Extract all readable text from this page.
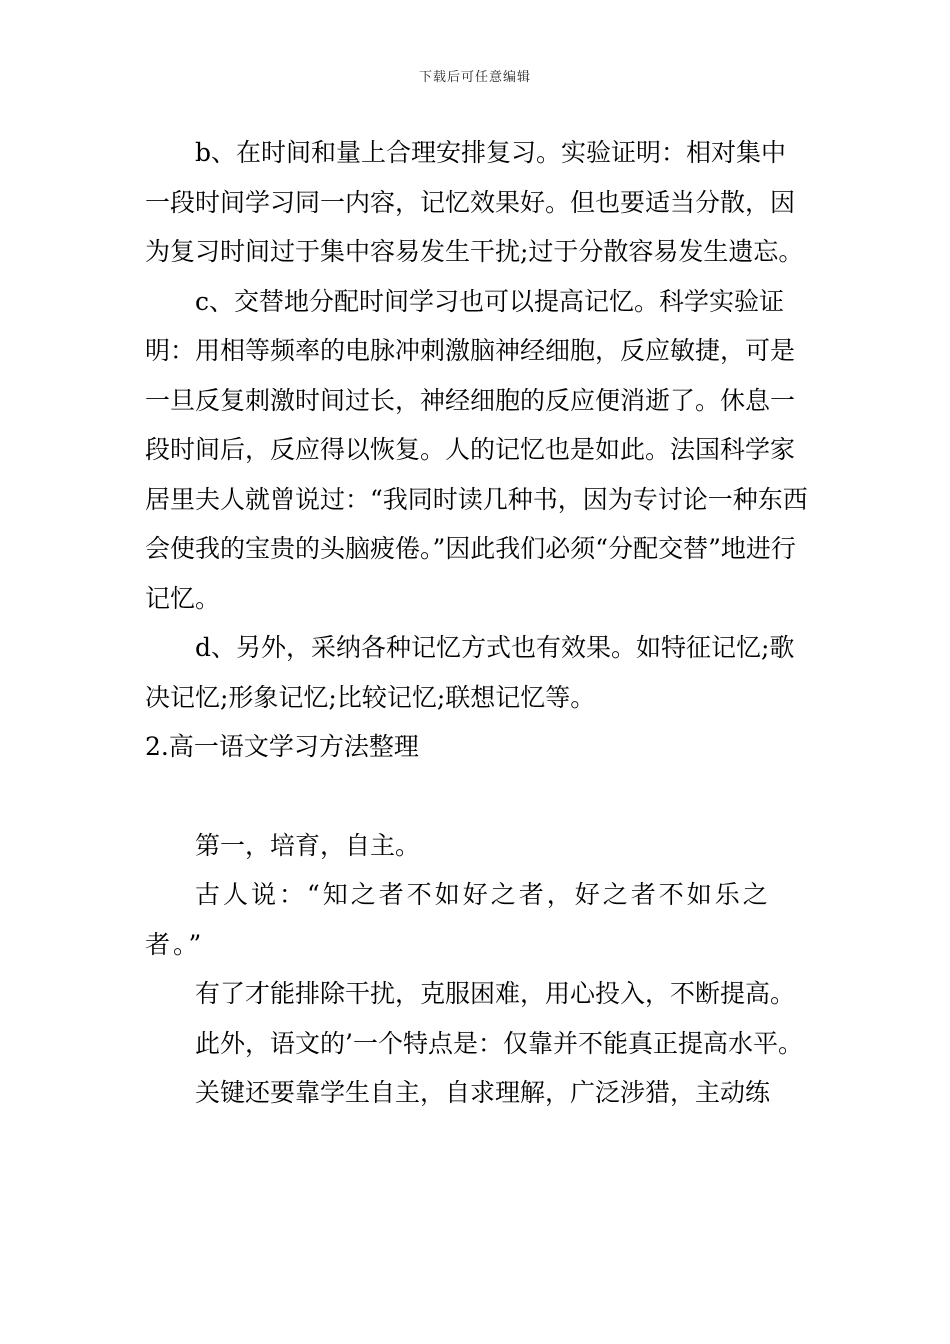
下载后可任意编辑

b、在时间和量上合理安排复习。实验证明：相对集中一段时间学习同一内容，记忆效果好。但也要适当分散，因为复习时间过于集中容易发生干扰;过于分散容易发生遗忘。

c、交替地分配时间学习也可以提高记忆。科学实验证明：用相等频率的电脉冲刺激脑神经细胞，反应敏捷，可是一旦反复刺激时间过长，神经细胞的反应便消逝了。休息一段时间后，反应得以恢复。人的记忆也是如此。法国科学家居里夫人就曾说过：“我同时读几种书，因为专讨论一种东西会使我的宝贵的头脑疲倦。”因此我们必须“分配交替”地进行记忆。

d、另外，采纳各种记忆方式也有效果。如特征记忆;歌决记忆;形象记忆;比较记忆;联想记忆等。

2.高一语文学习方法整理

第一，培育，自主。

古人说：“知之者不如好之者，好之者不如乐之者。”

有了才能排除干扰，克服困难，用心投入，不断提高。

此外，语文的’一个特点是：仅靠并不能真正提高水平。

关键还要靠学生自主，自求理解，广泛涉猎，主动练
